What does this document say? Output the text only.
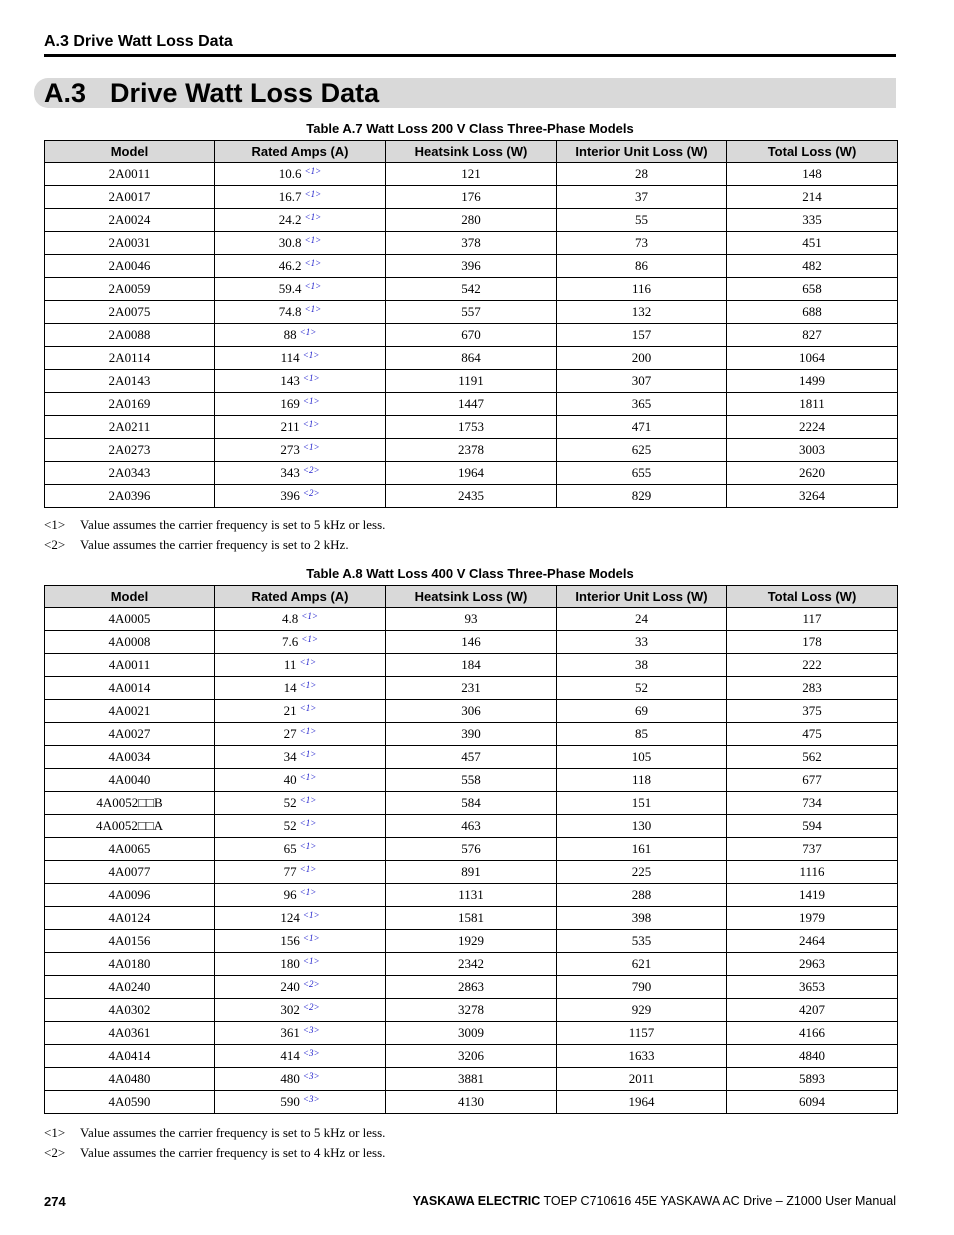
A.3 Drive Watt Loss Data
A.3 Drive Watt Loss Data
Table A.7 Watt Loss 200 V Class Three-Phase Models
Model	Rated Amps (A)	Heatsink Loss (W)	Interior Unit Loss (W)	Total Loss (W)
2A0011	10.6 $^{<1>}$	121	28	148
2A0017	16.7 $^{<1>}$	176	37	214
2A0024	24.2 $^{<1>}$	280	55	335
2A0031	30.8 $^{<1>}$	378	73	451
2A0046	46.2 $^{<1>}$	396	86	482
2A0059	59.4 $^{<1>}$	542	116	658
2A0075	74.8 $^{<1>}$	557	132	688
2A0088	88 $^{<1>}$	670	157	827
2A0114	114 $^{<1>}$	864	200	1064
2A0143	143 $^{<1>}$	1191	307	1499
2A0169	169 $^{<1>}$	1447	365	1811
2A0211	211 $^{<1>}$	1753	471	2224
2A0273	273 $^{<1>}$	2378	625	3003
2A0343	343 $^{<2>}$	1964	655	2620
2A0396	396 $^{<2>}$	2435	829	3264
<1> Value assumes the carrier frequency is set to 5 kHz or less.
<2> Value assumes the carrier frequency is set to 2 kHz.
Table A.8 Watt Loss 400 V Class Three-Phase Models
Model	Rated Amps (A)	Heatsink Loss (W)	Interior Unit Loss (W)	Total Loss (W)
4A0005	4.8 $^{<1>}$	93	24	117
4A0008	7.6 $^{<1>}$	146	33	178
4A0011	11 $^{<1>}$	184	38	222
4A0014	14 $^{<1>}$	231	52	283
4A0021	21 $^{<1>}$	306	69	375
4A0027	27 $^{<1>}$	390	85	475
4A0034	34 $^{<1>}$	457	105	562
4A0040	40 $^{<1>}$	558	118	677
4A0052□□B	52 $^{<1>}$	584	151	734
4A0052□□A	52 $^{<1>}$	463	130	594
4A0065	65 $^{<1>}$	576	161	737
4A0077	77 $^{<1>}$	891	225	1116
4A0096	96 $^{<1>}$	1131	288	1419
4A0124	124 $^{<1>}$	1581	398	1979
4A0156	156 $^{<1>}$	1929	535	2464
4A0180	180 $^{<1>}$	2342	621	2963
4A0240	240 $^{<2>}$	2863	790	3653
4A0302	302 $^{<2>}$	3278	929	4207
4A0361	361 $^{<3>}$	3009	1157	4166
4A0414	414 $^{<3>}$	3206	1633	4840
4A0480	480 $^{<3>}$	3881	2011	5893
4A0590	590 $^{<3>}$	4130	1964	6094
<1> Value assumes the carrier frequency is set to 5 kHz or less.
<2> Value assumes the carrier frequency is set to 4 kHz or less.
274	YASKAWA ELECTRIC TOEP C710616 45E YASKAWA AC Drive – Z1000 User Manual
